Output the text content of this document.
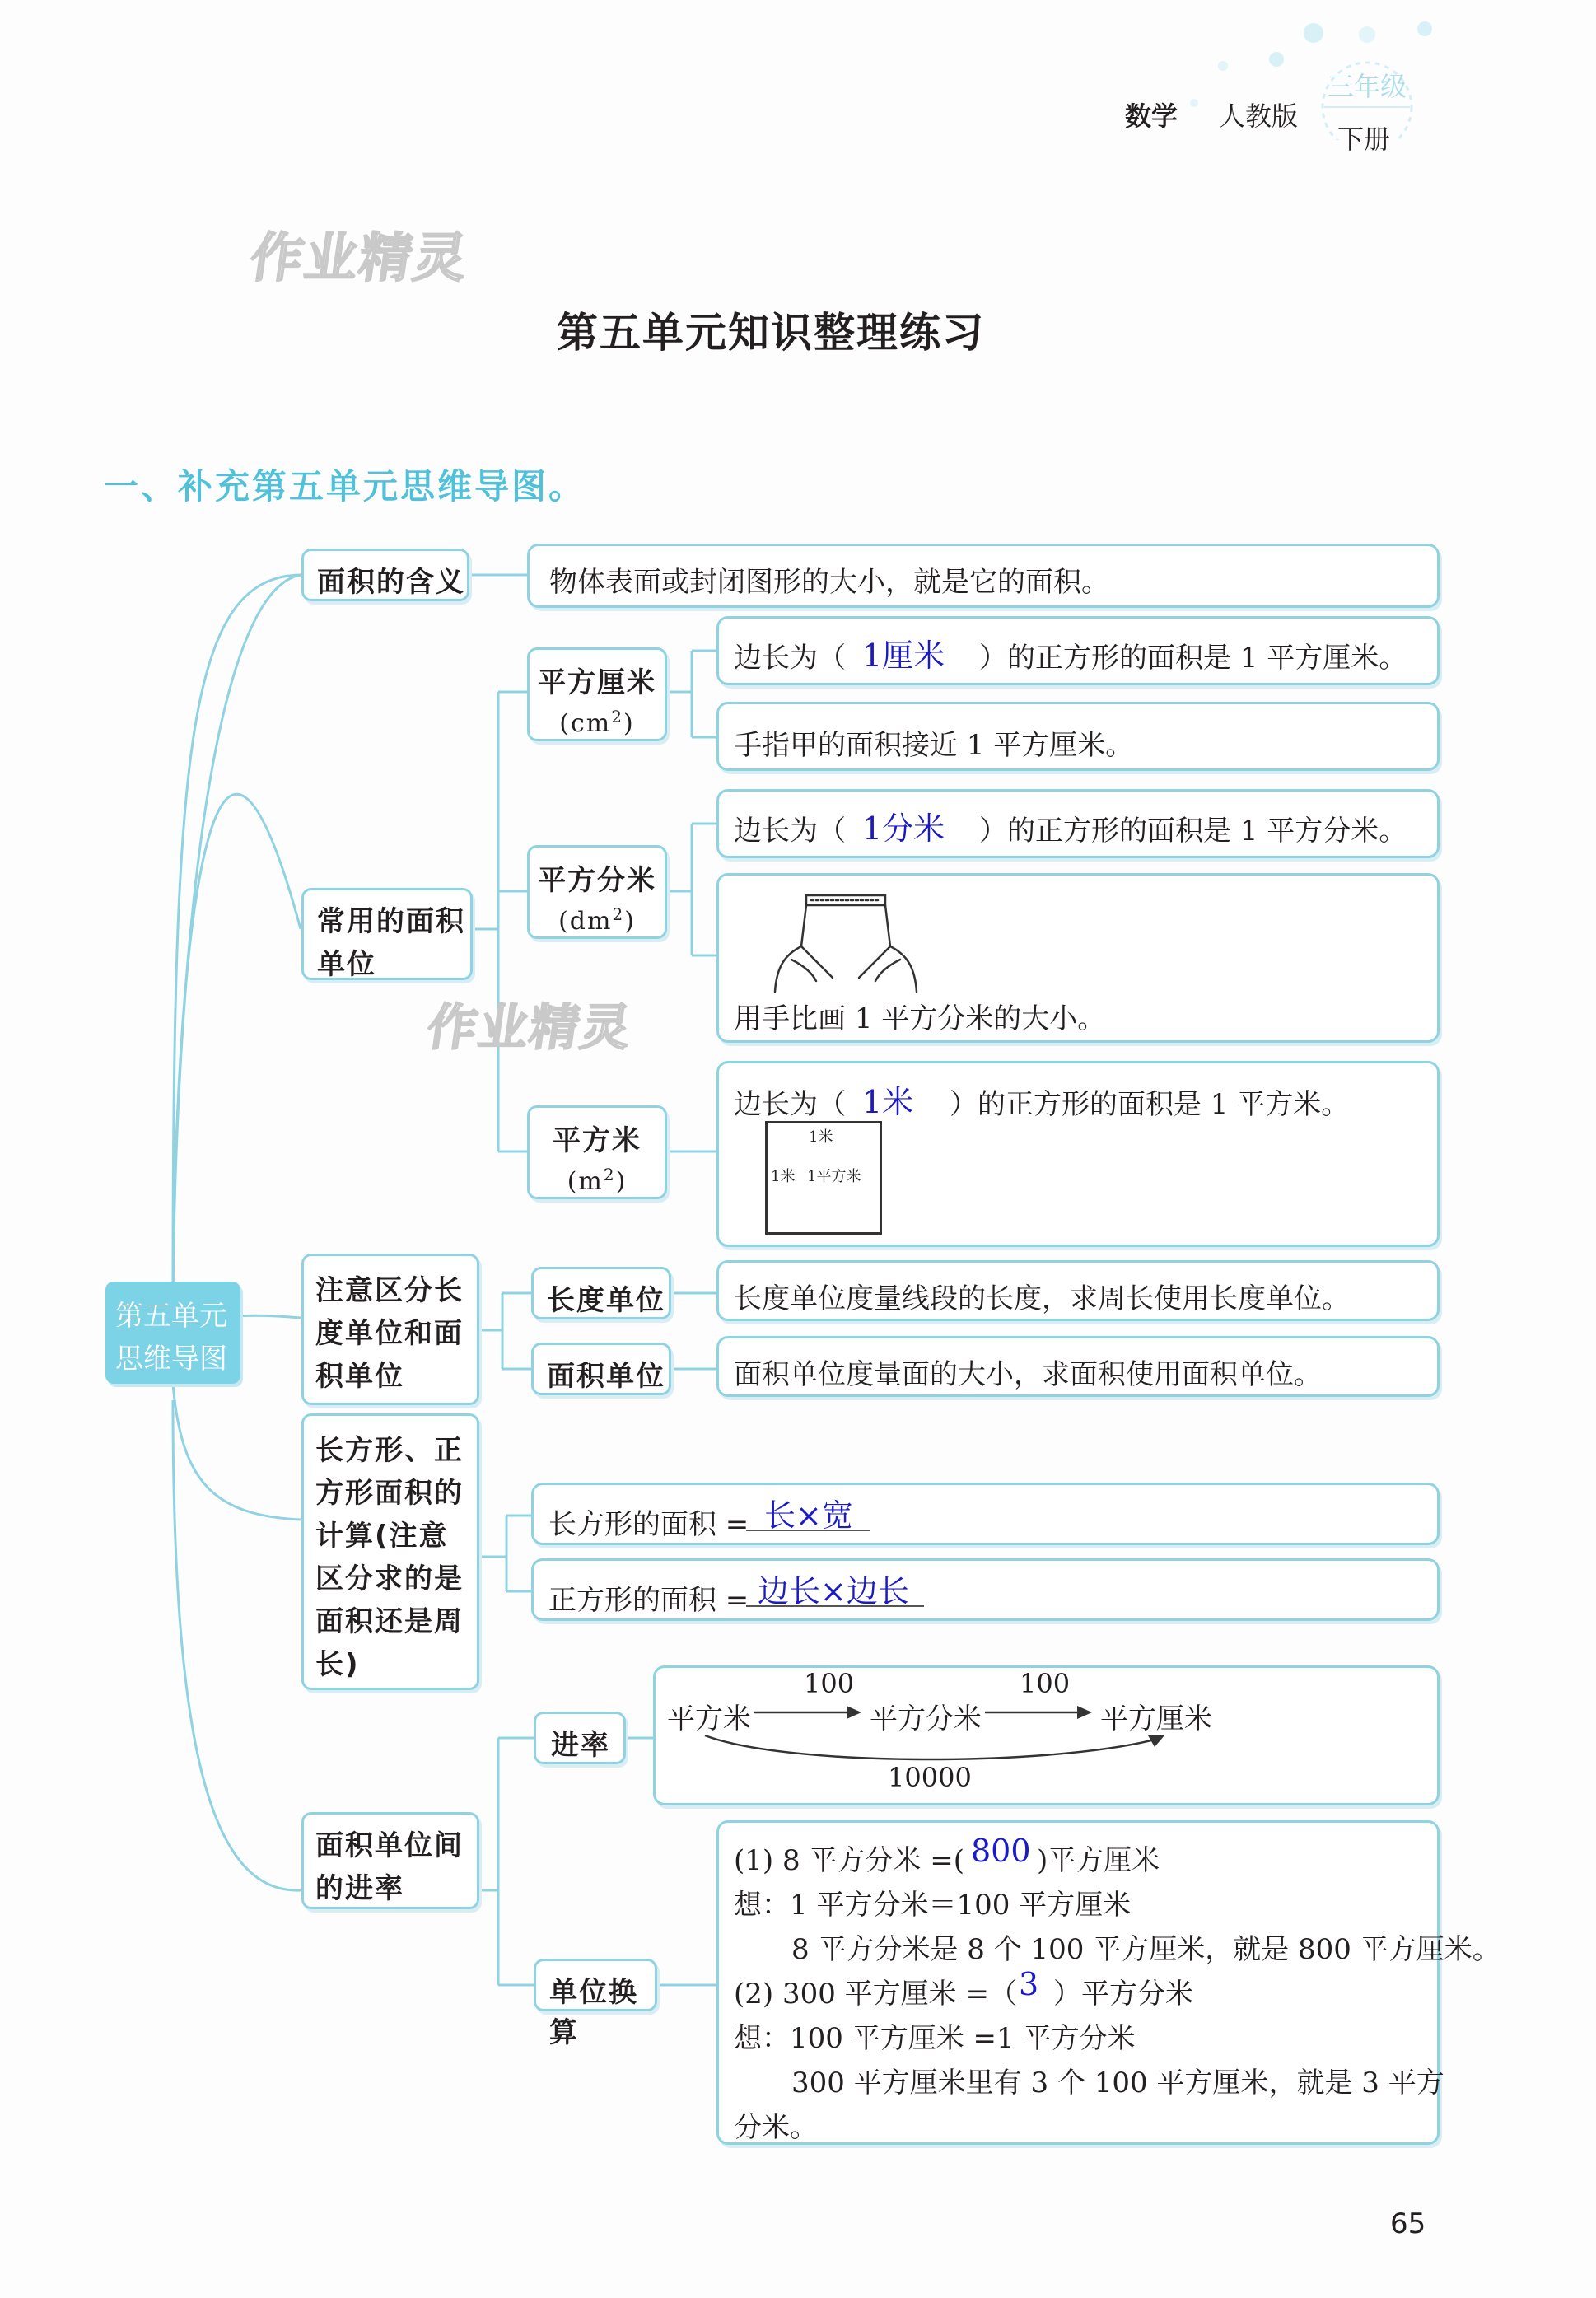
数学 人教版
三年级
下册
作业精灵
作业精灵
第五单元知识整理练习
一、补充第五单元思维导图。
第五单元
思维导图
面积的含义	物体表面或封闭图形的大小，就是它的面积。
常用的面积
单位
平方厘米
$(cm^2)$
边长为（ 1厘米 ）的正方形的面积是 1 平方厘米。
手指甲的面积接近 1 平方厘米。
平方分米
$(dm^2)$
边长为（ 1分米 ）的正方形的面积是 1 平方分米。
用手比画 1 平方分米的大小。
平方米
$(m^2)$
边长为（ 1米 ）的正方形的面积是 1 平方米。
1米
1米 1平方米
注意区分长
度单位和面
积单位
长度单位 长度单位度量线段的长度，求周长使用长度单位。
面积单位 面积单位度量面的大小，求面积使用面积单位。
长方形、正
方形面积的
计算(注意
区分求的是
面积还是周
长)
长方形的面积 = 长×宽
正方形的面积 = 边长×边长
面积单位间
的进率
进率
平方米
100
平方分米
100
平方厘米
10000
单位换算
(1) 8 平方分米 =( 800 )平方厘米
想：1 平方分米＝100 平方厘米
8 平方分米是 8 个 100 平方厘米，就是 800 平方厘米。
(2) 300 平方厘米 =（ 3 ）平方分米
想：100 平方厘米 =1 平方分米
300 平方厘米里有 3 个 100 平方厘米，就是 3 平方
分米。
65
